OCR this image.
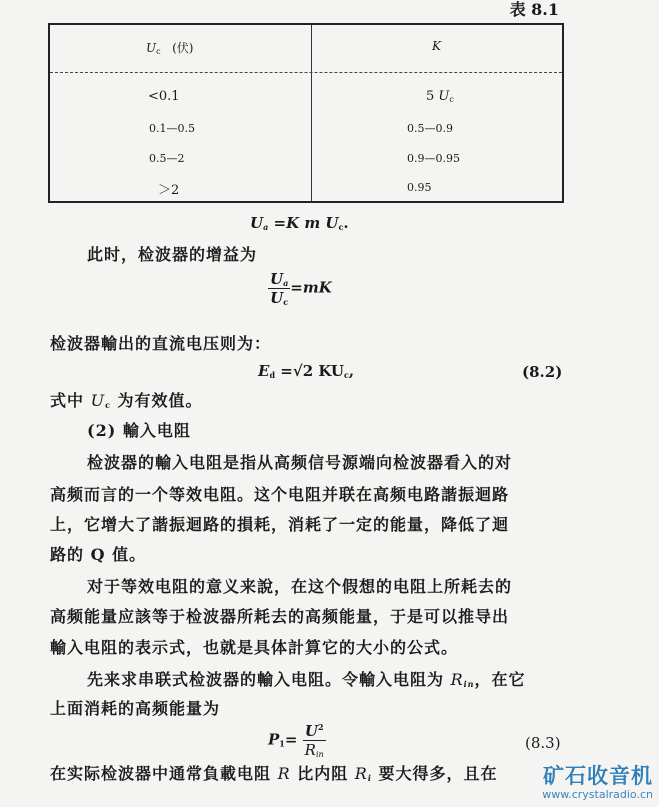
表 8.1
$U_c$ (伏)	K
<0.1	5 $U_c$
0.1—0.5	0.5—0.9
0.5—2	0.9—0.95
＞2	0.95
$U_a =K$ m $U_c$.
此时，检波器的增益为
$\frac{U_a}{U_c} =mK$
检波器輸出的直流电压则为：
$E_d =√2$ $KU_c$,	(8.2)
式中 $U_c$ 为有效值。
(2) 輸入电阻
检波器的輸入电阻是指从高频信号源端向检波器看入的对
高频而言的一个等效电阻。这个电阻并联在高频电路諧振迴路
上，它增大了諧振迴路的損耗，消耗了一定的能量，降低了迴
路的 Q 值。
对于等效电阻的意义来說，在这个假想的电阻上所耗去的
高频能量应該等于检波器所耗去的高频能量，于是可以推导出
輸入电阻的表示式，也就是具体計算它的大小的公式。
先来求串联式检波器的輸入电阻。令輸入电阻为 $R_{in}$，在它
上面消耗的高频能量为
$P_1= \frac{U^2}{R_{in}}$	(8.3)
在实际检波器中通常負載电阻 R 比内阻 $R_i$ 要大得多，且在 矿石收音机
www.crystalradio.cn
